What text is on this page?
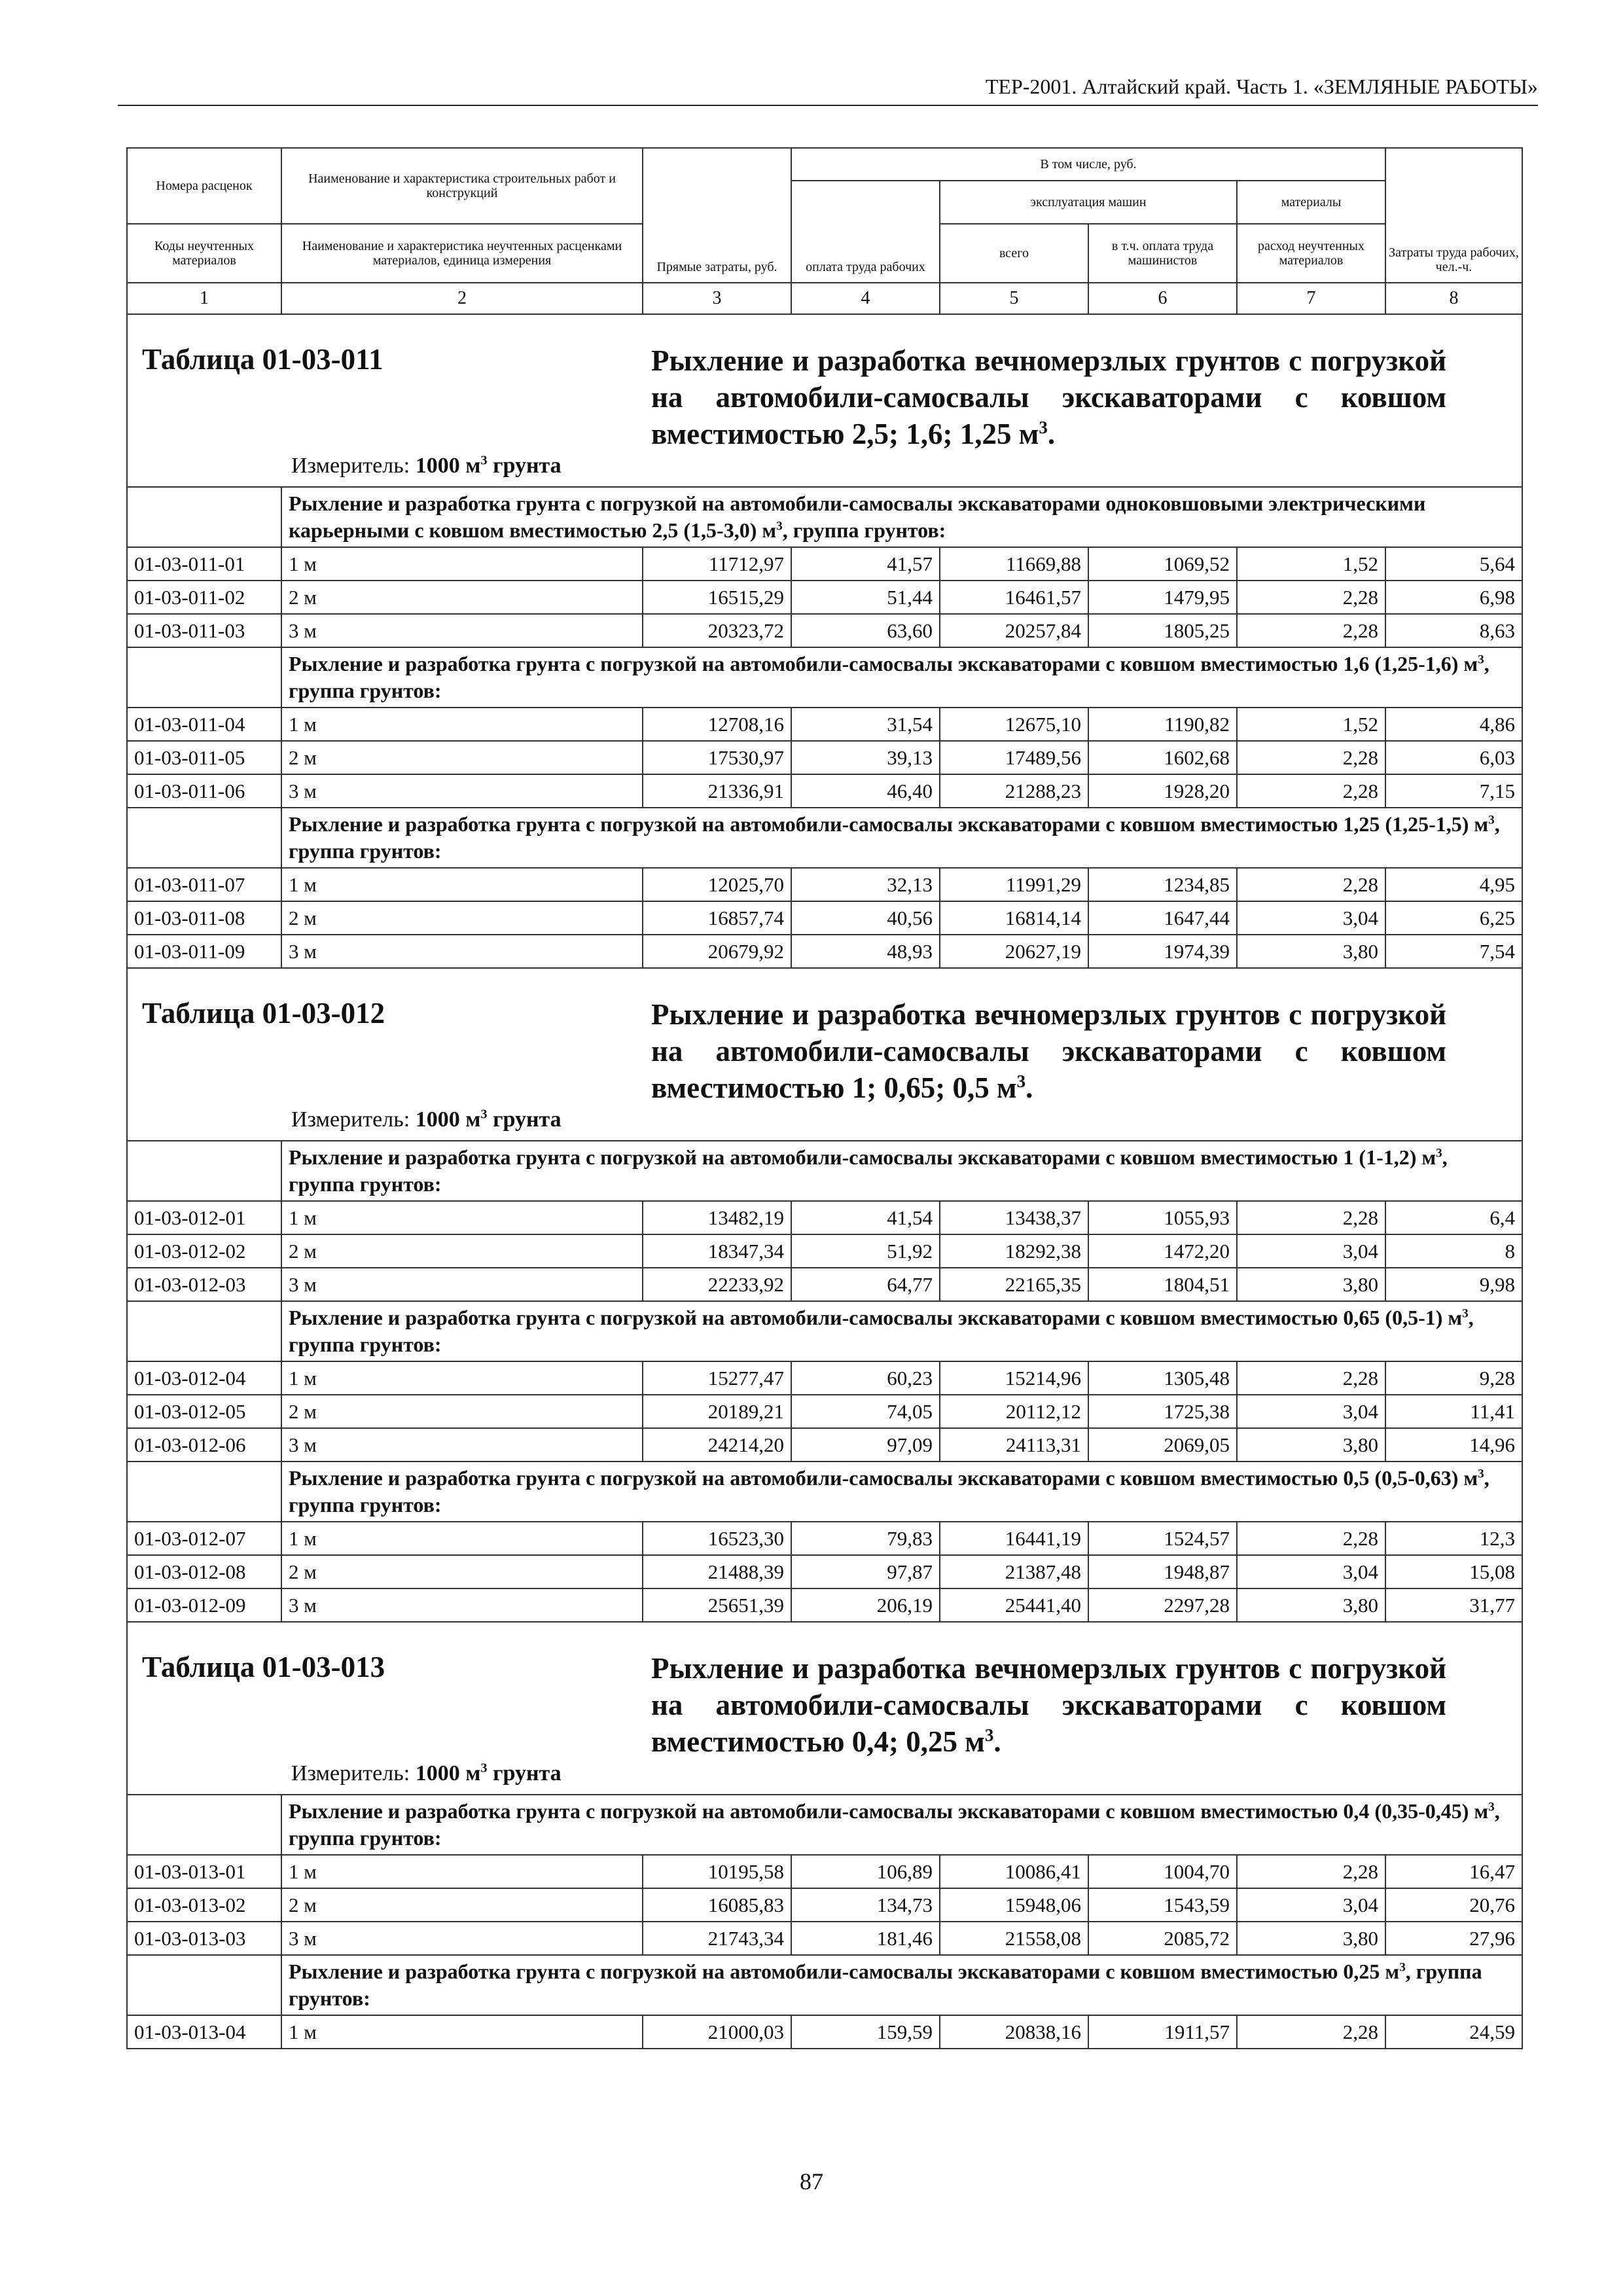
ТЕР-2001. Алтайский край. Часть 1. «ЗЕМЛЯНЫЕ РАБОТЫ»
Номера расценок	Наименование и характеристика строительных работ и конструкций	Прямые затраты, руб.	В том числе, руб.				Затраты труда рабочих, чел.-ч.
			оплата труда рабочих	эксплуатация машин		материалы	
Коды неучтенных материалов	Наименование и характеристика неучтенных расценками материалов, единица измерения			всего	в т.ч. оплата труда машинистов	расход неучтенных материалов	
1	2	3	4	5	6	7	8

Таблица 01-03-011 Рыхление и разработка вечномерзлых грунтов с погрузкой на автомобили-самосвалы экскаваторами с ковшом вместимостью 2,5; 1,6; 1,25 $м^3$.
Измеритель: 1000 $м^3$ грунта							

	Рыхление и разработка грунта с погрузкой на автомобили-самосвалы экскаваторами одноковшовыми электрическими карьерными с ковшом вместимостью 2,5 (1,5-3,0) $м^3$, группа грунтов:						
01-03-011-01	1 м	11712,97	41,57	11669,88	1069,52	1,52	5,64
01-03-011-02	2 м	16515,29	51,44	16461,57	1479,95	2,28	6,98
01-03-011-03	3 м	20323,72	63,60	20257,84	1805,25	2,28	8,63
	Рыхление и разработка грунта с погрузкой на автомобили-самосвалы экскаваторами с ковшом вместимостью 1,6 (1,25-1,6) $м^3$, группа грунтов:						
01-03-011-04	1 м	12708,16	31,54	12675,10	1190,82	1,52	4,86
01-03-011-05	2 м	17530,97	39,13	17489,56	1602,68	2,28	6,03
01-03-011-06	3 м	21336,91	46,40	21288,23	1928,20	2,28	7,15
	Рыхление и разработка грунта с погрузкой на автомобили-самосвалы экскаваторами с ковшом вместимостью 1,25 (1,25-1,5) $м^3$, группа грунтов:						
01-03-011-07	1 м	12025,70	32,13	11991,29	1234,85	2,28	4,95
01-03-011-08	2 м	16857,74	40,56	16814,14	1647,44	3,04	6,25
01-03-011-09	3 м	20679,92	48,93	20627,19	1974,39	3,80	7,54

Таблица 01-03-012 Рыхление и разработка вечномерзлых грунтов с погрузкой на автомобили-самосвалы экскаваторами с ковшом вместимостью 1; 0,65; 0,5 $м^3$.
Измеритель: 1000 $м^3$ грунта							

	Рыхление и разработка грунта с погрузкой на автомобили-самосвалы экскаваторами с ковшом вместимостью 1 (1-1,2) $м^3$, группа грунтов:						
01-03-012-01	1 м	13482,19	41,54	13438,37	1055,93	2,28	6,4
01-03-012-02	2 м	18347,34	51,92	18292,38	1472,20	3,04	8
01-03-012-03	3 м	22233,92	64,77	22165,35	1804,51	3,80	9,98
	Рыхление и разработка грунта с погрузкой на автомобили-самосвалы экскаваторами с ковшом вместимостью 0,65 (0,5-1) $м^3$, группа грунтов:						
01-03-012-04	1 м	15277,47	60,23	15214,96	1305,48	2,28	9,28
01-03-012-05	2 м	20189,21	74,05	20112,12	1725,38	3,04	11,41
01-03-012-06	3 м	24214,20	97,09	24113,31	2069,05	3,80	14,96
	Рыхление и разработка грунта с погрузкой на автомобили-самосвалы экскаваторами с ковшом вместимостью 0,5 (0,5-0,63) $м^3$, группа грунтов:						
01-03-012-07	1 м	16523,30	79,83	16441,19	1524,57	2,28	12,3
01-03-012-08	2 м	21488,39	97,87	21387,48	1948,87	3,04	15,08
01-03-012-09	3 м	25651,39	206,19	25441,40	2297,28	3,80	31,77

Таблица 01-03-013 Рыхление и разработка вечномерзлых грунтов с погрузкой на автомобили-самосвалы экскаваторами с ковшом вместимостью 0,4; 0,25 $м^3$.
Измеритель: 1000 $м^3$ грунта							

	Рыхление и разработка грунта с погрузкой на автомобили-самосвалы экскаваторами с ковшом вместимостью 0,4 (0,35-0,45) $м^3$, группа грунтов:						
01-03-013-01	1 м	10195,58	106,89	10086,41	1004,70	2,28	16,47
01-03-013-02	2 м	16085,83	134,73	15948,06	1543,59	3,04	20,76
01-03-013-03	3 м	21743,34	181,46	21558,08	2085,72	3,80	27,96
	Рыхление и разработка грунта с погрузкой на автомобили-самосвалы экскаваторами с ковшом вместимостью 0,25 $м^3$, группа грунтов:						
01-03-013-04	1 м	21000,03	159,59	20838,16	1911,57	2,28	24,59
87
